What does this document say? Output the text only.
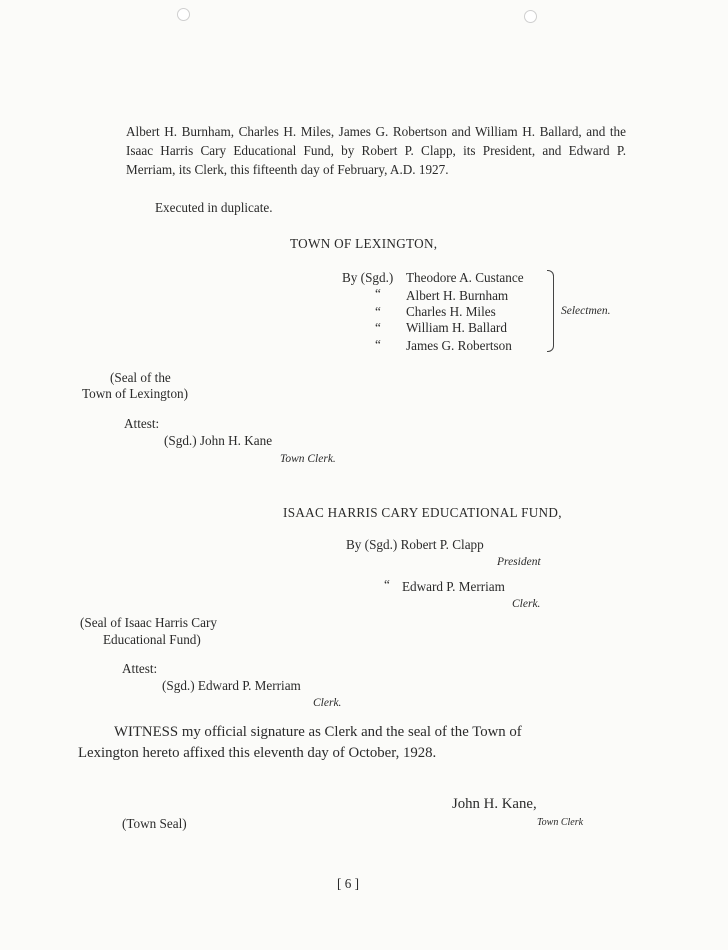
Albert H. Burnham, Charles H. Miles, James G. Robertson and William H. Ballard, and the Isaac Harris Cary Educational Fund, by Robert P. Clapp, its President, and Edward P. Merriam, its Clerk, this fifteenth day of February, A.D. 1927.
Executed in duplicate.
TOWN OF LEXINGTON,
By (Sgd.) Theodore A. Custance
“ Albert H. Burnham
“ Charles H. Miles
“ William H. Ballard
“ James G. Robertson
Selectmen.
(Seal of the
Town of Lexington)
Attest:
(Sgd.) John H. Kane
Town Clerk.
ISAAC HARRIS CARY EDUCATIONAL FUND,
By (Sgd.) Robert P. Clapp
President
“ Edward P. Merriam
Clerk.
(Seal of Isaac Harris Cary
Educational Fund)
Attest:
(Sgd.) Edward P. Merriam
Clerk.
WITNESS my official signature as Clerk and the seal of the Town of
Lexington hereto affixed this eleventh day of October, 1928.
John H. Kane,
(Town Seal)	Town Clerk
[ 6 ]
